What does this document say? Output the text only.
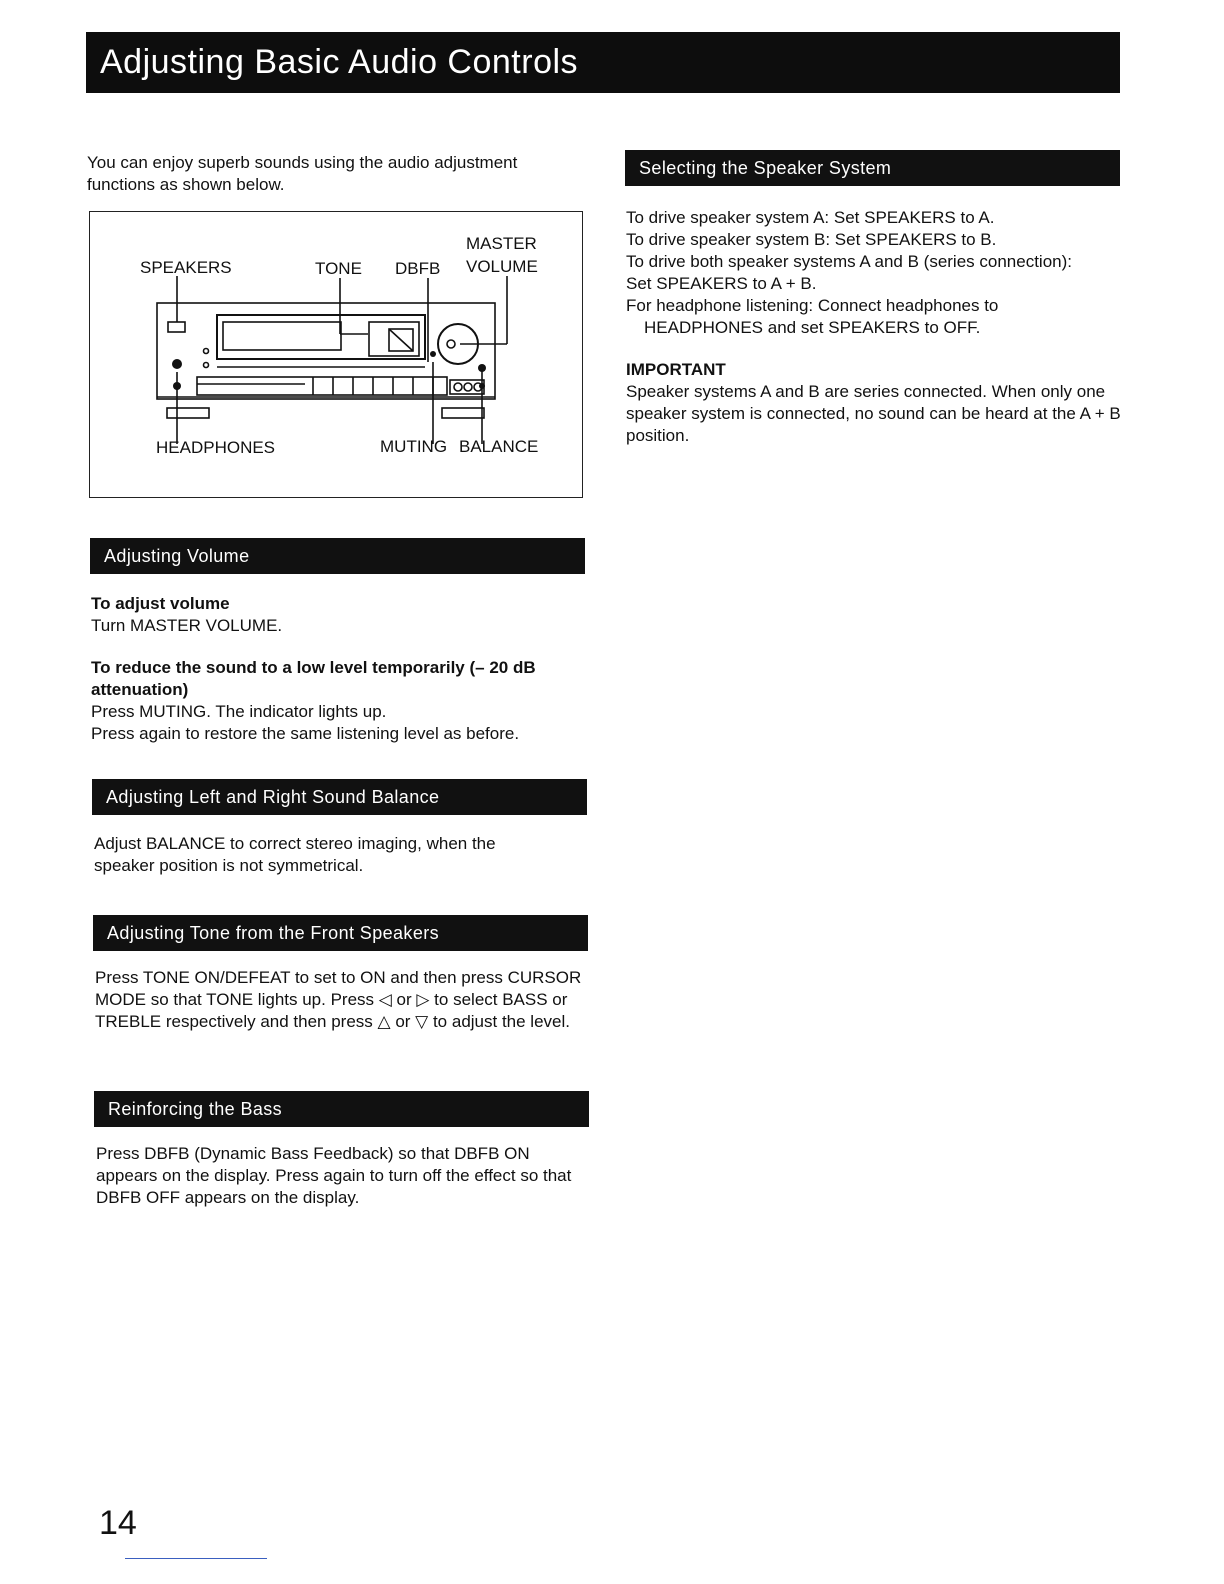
Adjusting Basic Audio Controls
You can enjoy superb sounds using the audio adjustment functions as shown below.
MASTER
SPEAKERS	TONE DBFB VOLUME
HEADPHONES	MUTING BALANCE
Adjusting Volume

To adjust volume

Turn MASTER VOLUME.

To reduce the sound to a low level temporarily (– 20 dB attenuation)

Press MUTING. The indicator lights up.

Press again to restore the same listening level as before.

Adjusting Left and Right Sound Balance
Adjust BALANCE to correct stereo imaging, when the speaker position is not symmetrical.
Adjusting Tone from the Front Speakers
Press TONE ON/DEFEAT to set to ON and then press CURSOR MODE so that TONE lights up. Press ◁ or ▷ to select BASS or TREBLE respectively and then press △ or ▽ to adjust the level.
Reinforcing the Bass
Press DBFB (Dynamic Bass Feedback) so that DBFB ON appears on the display. Press again to turn off the effect so that DBFB OFF appears on the display.
Selecting the Speaker System

To drive speaker system A: Set SPEAKERS to A.

To drive speaker system B: Set SPEAKERS to B.

To drive both speaker systems A and B (series connection):

Set SPEAKERS to A + B.

For headphone listening: Connect headphones to

HEADPHONES and set SPEAKERS to OFF.

IMPORTANT

Speaker systems A and B are series connected. When only one speaker system is connected, no sound can be heard at the A + B position.

14
